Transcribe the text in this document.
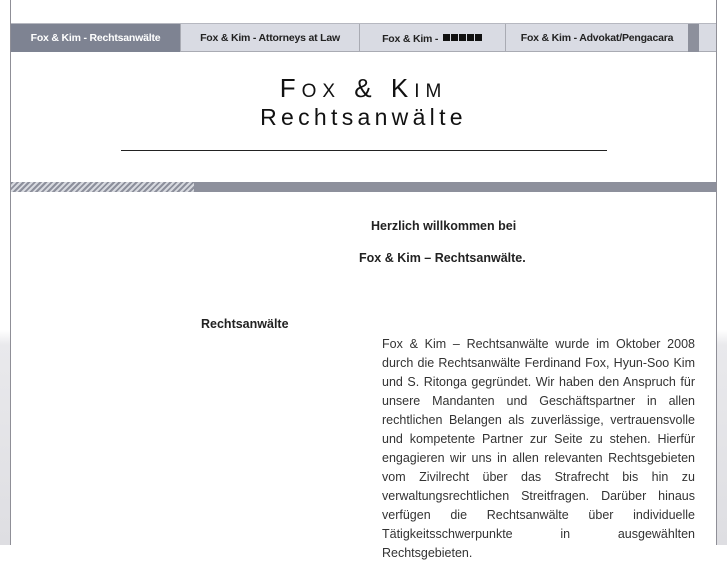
Fox & Kim - Rechtsanwälte	Fox & Kim - Attorneys at Law	Fox & Kim -	Fox & Kim - Advokat/Pengacara
FOX & KIM
Rechtsanwälte
Herzlich willkommen bei
Fox & Kim – Rechtsanwälte.
Rechtsanwälte
Fox & Kim – Rechtsanwälte wurde im Oktober 2008 durch die Rechtsanwälte Ferdinand Fox, Hyun-Soo Kim und S. Ritonga gegründet. Wir haben den Anspruch für unsere Mandanten und Geschäftspartner in allen rechtlichen Belangen als zuverlässige, vertrauensvolle und kompetente Partner zur Seite zu stehen. Hierfür engagieren wir uns in allen relevanten Rechtsgebieten vom Zivilrecht über das Strafrecht bis hin zu verwaltungsrechtlichen Streitfragen. Darüber hinaus verfügen die Rechtsanwälte über individuelle Tätigkeitsschwerpunkte in ausgewählten Rechtsgebieten.
